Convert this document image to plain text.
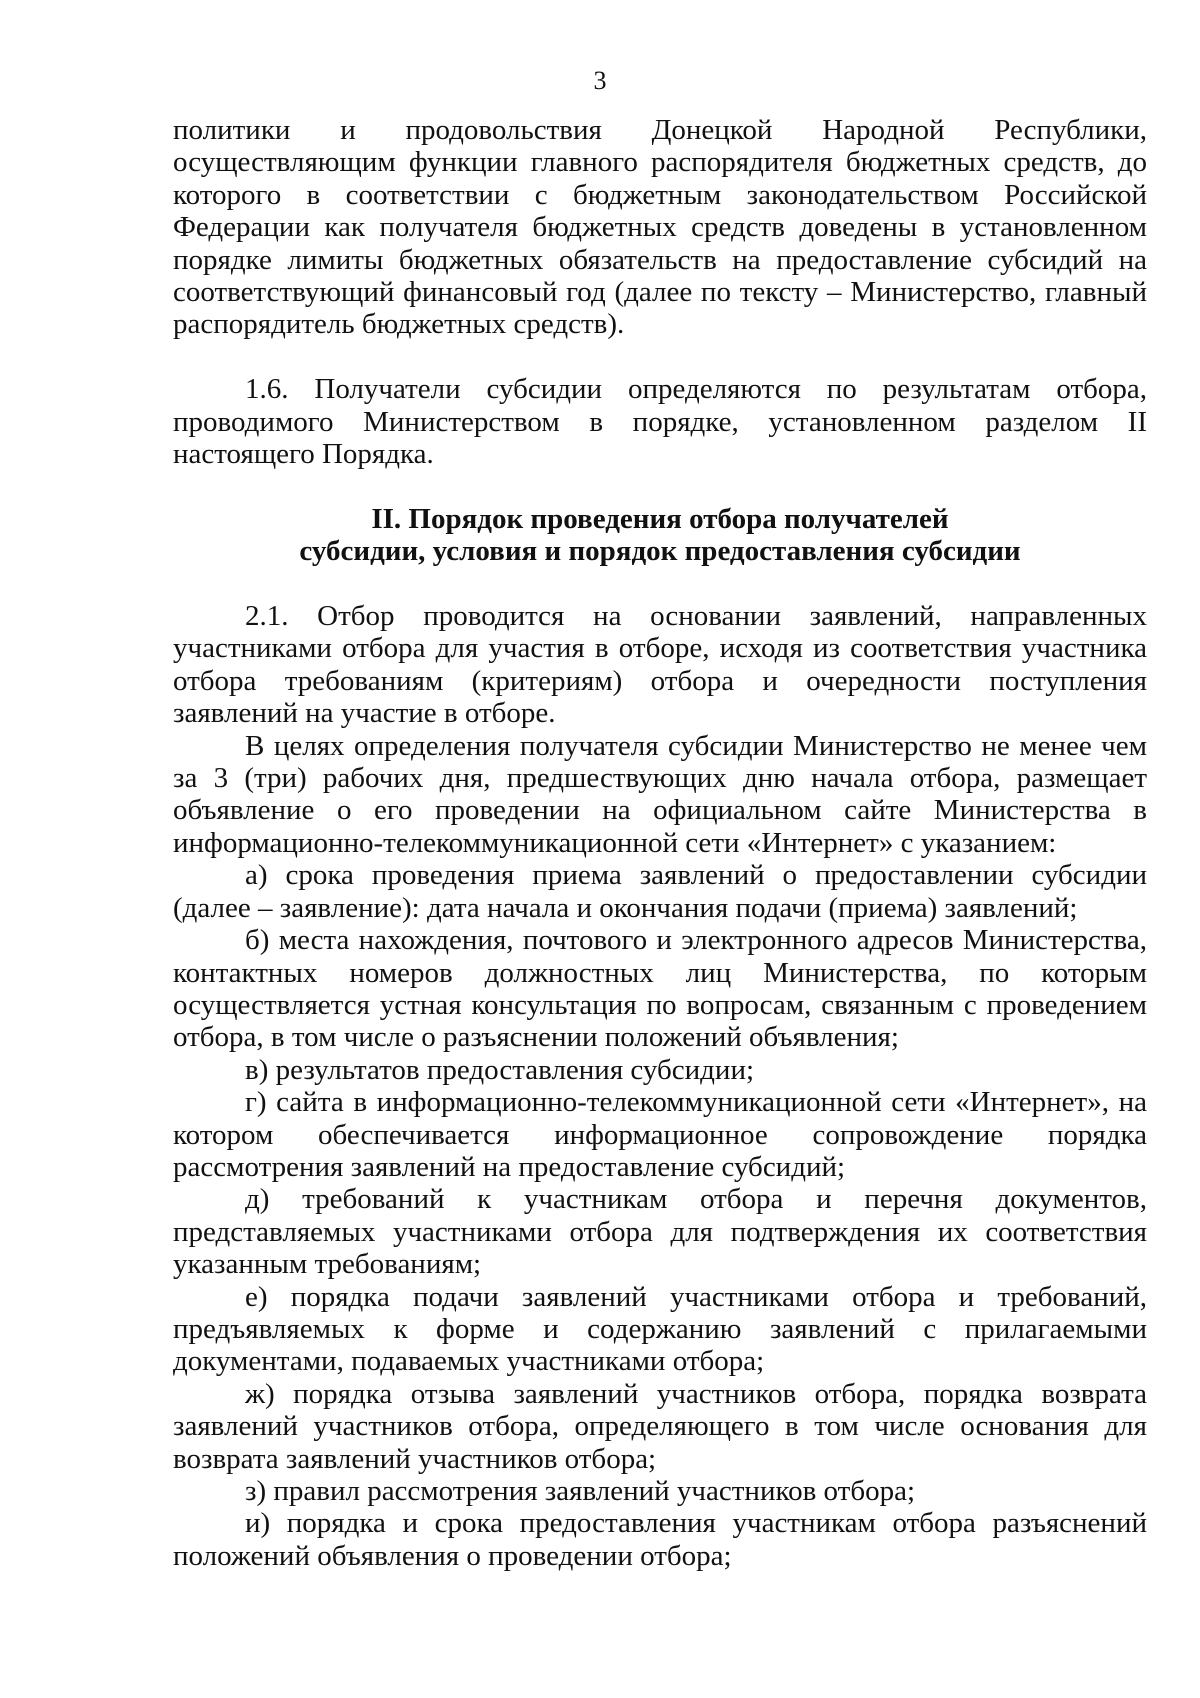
3

политики и продовольствия Донецкой Народной Республики, осуществляющим функции главного распорядителя бюджетных средств, до которого в соответствии с бюджетным законодательством Российской Федерации как получателя бюджетных средств доведены в установленном порядке лимиты бюджетных обязательств на предоставление субсидий на соответствующий финансовый год (далее по тексту – Министерство, главный распорядитель бюджетных средств).

1.6. Получатели субсидии определяются по результатам отбора, проводимого Министерством в порядке, установленном разделом II настоящего Порядка.

II. Порядок проведения отбора получателей
субсидии, условия и порядок предоставления субсидии

2.1. Отбор проводится на основании заявлений, направленных участниками отбора для участия в отборе, исходя из соответствия участника отбора требованиям (критериям) отбора и очередности поступления заявлений на участие в отборе.

В целях определения получателя субсидии Министерство не менее чем за 3 (три) рабочих дня, предшествующих дню начала отбора, размещает объявление о его проведении на официальном сайте Министерства в информационно-телекоммуникационной сети «Интернет» с указанием:

а) срока проведения приема заявлений о предоставлении субсидии (далее – заявление): дата начала и окончания подачи (приема) заявлений;

б) места нахождения, почтового и электронного адресов Министерства, контактных номеров должностных лиц Министерства, по которым осуществляется устная консультация по вопросам, связанным с проведением отбора, в том числе о разъяснении положений объявления;

в) результатов предоставления субсидии;

г) сайта в информационно-телекоммуникационной сети «Интернет», на котором обеспечивается информационное сопровождение порядка рассмотрения заявлений на предоставление субсидий;

д) требований к участникам отбора и перечня документов, представляемых участниками отбора для подтверждения их соответствия указанным требованиям;

е) порядка подачи заявлений участниками отбора и требований, предъявляемых к форме и содержанию заявлений с прилагаемыми документами, подаваемых участниками отбора;

ж) порядка отзыва заявлений участников отбора, порядка возврата заявлений участников отбора, определяющего в том числе основания для возврата заявлений участников отбора;

з) правил рассмотрения заявлений участников отбора;

и) порядка и срока предоставления участникам отбора разъяснений положений объявления о проведении отбора;
